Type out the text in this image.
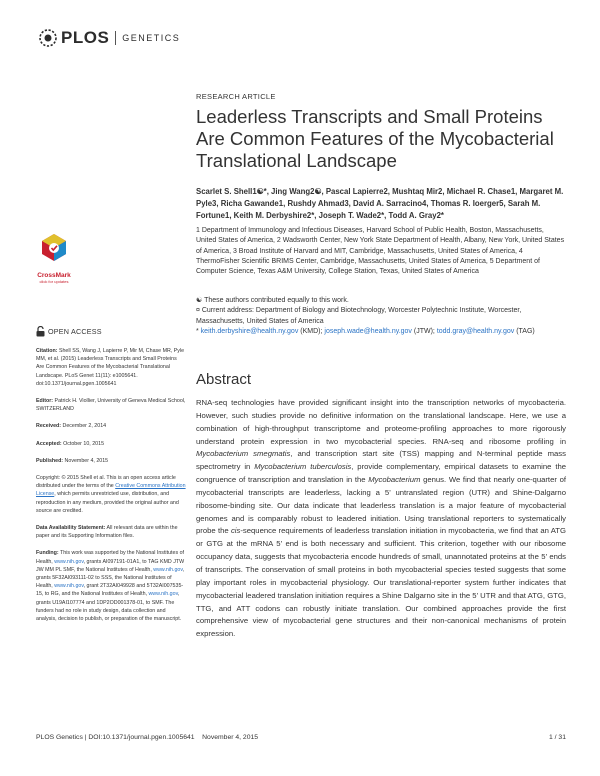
PLOS GENETICS
RESEARCH ARTICLE
Leaderless Transcripts and Small Proteins Are Common Features of the Mycobacterial Translational Landscape
Scarlet S. Shell1☯*, Jing Wang2☯, Pascal Lapierre2, Mushtaq Mir2, Michael R. Chase1, Margaret M. Pyle3, Richa Gawande1, Rushdy Ahmad3, David A. Sarracino4, Thomas R. Ioerger5, Sarah M. Fortune1, Keith M. Derbyshire2*, Joseph T. Wade2*, Todd A. Gray2*
1 Department of Immunology and Infectious Diseases, Harvard School of Public Health, Boston, Massachusetts, United States of America, 2 Wadsworth Center, New York State Department of Health, Albany, New York, United States of America, 3 Broad Institute of Harvard and MIT, Cambridge, Massachusetts, United States of America, 4 ThermoFisher Scientific BRIMS Center, Cambridge, Massachusetts, United States of America, 5 Department of Computer Science, Texas A&M University, College Station, Texas, United States of America
☯ These authors contributed equally to this work.
¤ Current address: Department of Biology and Biotechnology, Worcester Polytechnic Institute, Worcester, Massachusetts, United States of America
* keith.derbyshire@health.ny.gov (KMD); joseph.wade@health.ny.gov (JTW); todd.gray@health.ny.gov (TAG)
CrossMark
click for updates
OPEN ACCESS

Citation: Shell SS, Wang J, Lapierre P, Mir M, Chase MR, Pyle MM, et al. (2015) Leaderless Transcripts and Small Proteins Are Common Features of the Mycobacterial Translational Landscape. PLoS Genet 11(11): e1005641. doi:10.1371/journal.pgen.1005641

Editor: Patrick H. Viollier, University of Geneva Medical School, SWITZERLAND

Received: December 2, 2014

Accepted: October 10, 2015

Published: November 4, 2015

Copyright: © 2015 Shell et al. This is an open access article distributed under the terms of the Creative Commons Attribution License, which permits unrestricted use, distribution, and reproduction in any medium, provided the original author and source are credited.

Data Availability Statement: All relevant data are within the paper and its Supporting Information files.

Funding: This work was supported by the National Institutes of Health, www.nih.gov, grants AI097191-01A1, to TAG KMD JTW JW MM PL SMF, the National Institutes of Health, www.nih.gov, grants 5F32AI093111-02 to SSS, the National Institutes of Health, www.nih.gov, grant 2T32AI049928 and 5T32AI007535-15, to RG, and the National Institutes of Health, www.nih.gov, grants U19AI107774 and 1DP2OD001378-01, to SMF. The funders had no role in study design, data collection and analysis, decision to publish, or preparation of the manuscript.

Abstract
RNA-seq technologies have provided significant insight into the transcription networks of mycobacteria. However, such studies provide no definitive information on the translational landscape. Here, we use a combination of high-throughput transcriptome and proteome-profiling approaches to more rigorously understand protein expression in two mycobacterial species. RNA-seq and ribosome profiling in Mycobacterium smegmatis, and transcription start site (TSS) mapping and N-terminal peptide mass spectrometry in Mycobacterium tuberculosis, provide complementary, empirical datasets to examine the congruence of transcription and translation in the Mycobacterium genus. We find that nearly one-quarter of mycobacterial transcripts are leaderless, lacking a 5’ untranslated region (UTR) and Shine-Dalgarno ribosome-binding site. Our data indicate that leaderless translation is a major feature of mycobacterial genomes and is comparably robust to leadered initiation. Using translational reporters to systematically probe the cis-sequence requirements of leaderless translation initiation in mycobacteria, we find that an ATG or GTG at the mRNA 5’ end is both necessary and sufficient. This criterion, together with our ribosome occupancy data, suggests that mycobacteria encode hundreds of small, unannotated proteins at the 5’ ends of transcripts. The conservation of small proteins in both mycobacterial species tested suggests that some play important roles in mycobacterial physiology. Our translational-reporter system further indicates that mycobacterial leadered translation initiation requires a Shine Dalgarno site in the 5’ UTR and that ATG, GTG, TTG, and ATT codons can robustly initiate translation. Our combined approaches provide the first comprehensive view of mycobacterial gene structures and their non-canonical mechanisms of protein expression.
PLOS Genetics | DOI:10.1371/journal.pgen.1005641    November 4, 2015	1 / 31
